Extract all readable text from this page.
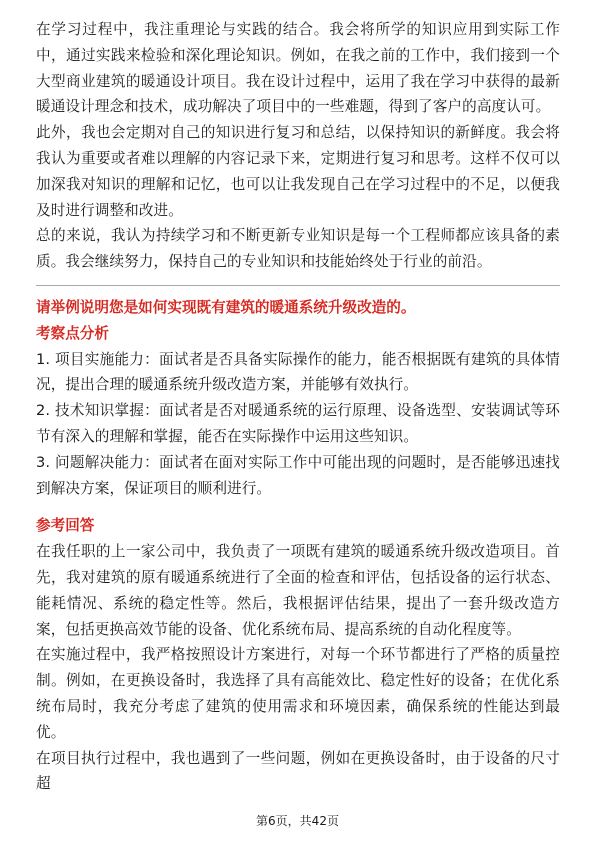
在学习过程中，我注重理论与实践的结合。我会将所学的知识应用到实际工作中，通过实践来检验和深化理论知识。例如，在我之前的工作中，我们接到一个大型商业建筑的暖通设计项目。我在设计过程中，运用了我在学习中获得的最新暖通设计理念和技术，成功解决了项目中的一些难题，得到了客户的高度认可。

此外，我也会定期对自己的知识进行复习和总结，以保持知识的新鲜度。我会将我认为重要或者难以理解的内容记录下来，定期进行复习和思考。这样不仅可以加深我对知识的理解和记忆，也可以让我发现自己在学习过程中的不足，以便我及时进行调整和改进。

总的来说，我认为持续学习和不断更新专业知识是每一个工程师都应该具备的素质。我会继续努力，保持自己的专业知识和技能始终处于行业的前沿。

请举例说明您是如何实现既有建筑的暖通系统升级改造的。

考察点分析

1. 项目实施能力：面试者是否具备实际操作的能力，能否根据既有建筑的具体情况，提出合理的暖通系统升级改造方案，并能够有效执行。

2. 技术知识掌握：面试者是否对暖通系统的运行原理、设备选型、安装调试等环节有深入的理解和掌握，能否在实际操作中运用这些知识。

3. 问题解决能力：面试者在面对实际工作中可能出现的问题时，是否能够迅速找到解决方案，保证项目的顺利进行。

参考回答

在我任职的上一家公司中，我负责了一项既有建筑的暖通系统升级改造项目。首先，我对建筑的原有暖通系统进行了全面的检查和评估，包括设备的运行状态、能耗情况、系统的稳定性等。然后，我根据评估结果，提出了一套升级改造方案，包括更换高效节能的设备、优化系统布局、提高系统的自动化程度等。

在实施过程中，我严格按照设计方案进行，对每一个环节都进行了严格的质量控制。例如，在更换设备时，我选择了具有高能效比、稳定性好的设备；在优化系统布局时，我充分考虑了建筑的使用需求和环境因素，确保系统的性能达到最优。

在项目执行过程中，我也遇到了一些问题，例如在更换设备时，由于设备的尺寸超

第6页，共42页
